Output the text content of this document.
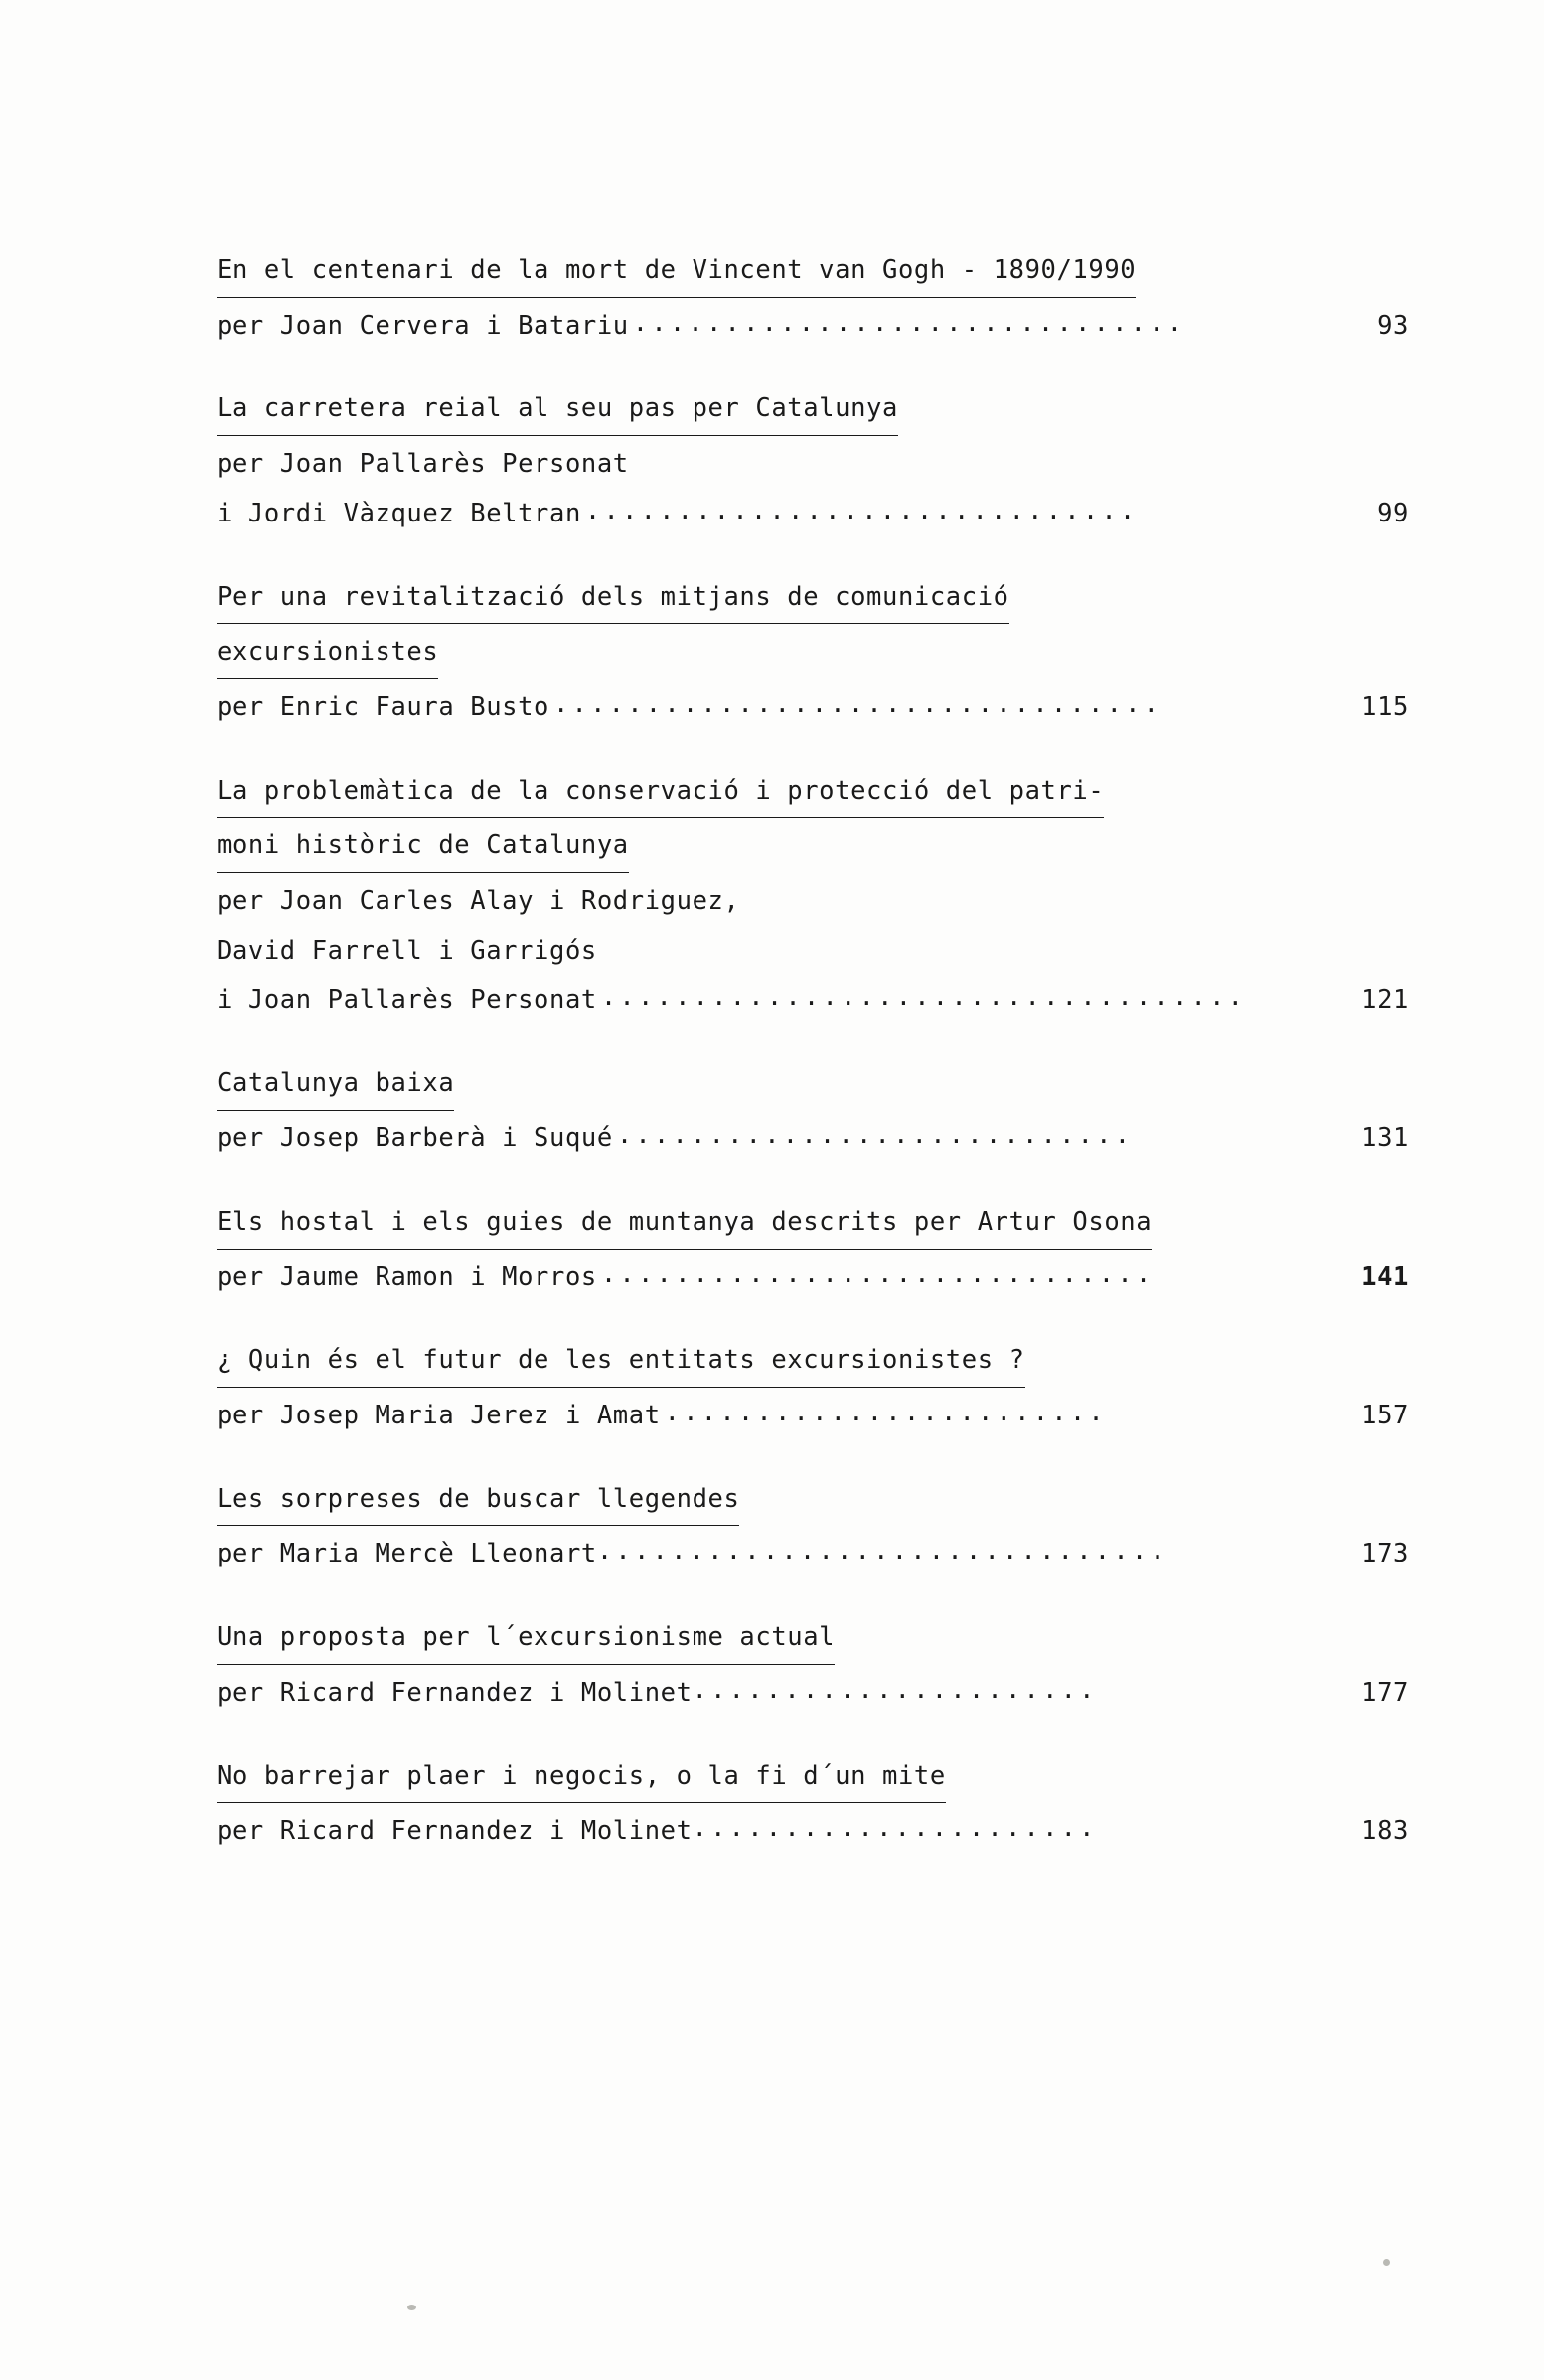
En el centenari de la mort de Vincent van Gogh - 1890/1990
per Joan Cervera i Batariu ..............................	93
La carretera reial al seu pas per Catalunya
per Joan Pallarès Personat
i Jordi Vàzquez Beltran ..............................	99
Per una revitalització dels mitjans de comunicació
excursionistes
per Enric Faura Busto .................................	115
La problemàtica de la conservació i protecció del patri-
moni històric de Catalunya
per Joan Carles Alay i Rodriguez,
David Farrell i Garrigós
i Joan Pallarès Personat ...................................	121
Catalunya baixa
per Josep Barberà i Suqué ............................	131
Els hostal i els guies de muntanya descrits per Artur Osona
per Jaume Ramon i Morros ..............................	141
¿ Quin és el futur de les entitats excursionistes ?
per Josep Maria Jerez i Amat ........................	157
Les sorpreses de buscar llegendes
per Maria Mercè Lleonart ...............................	173
Una proposta per l´excursionisme actual
per Ricard Fernandez i Molinet ......................	177
No barrejar plaer i negocis, o la fi d´un mite
per Ricard Fernandez i Molinet ......................	183
